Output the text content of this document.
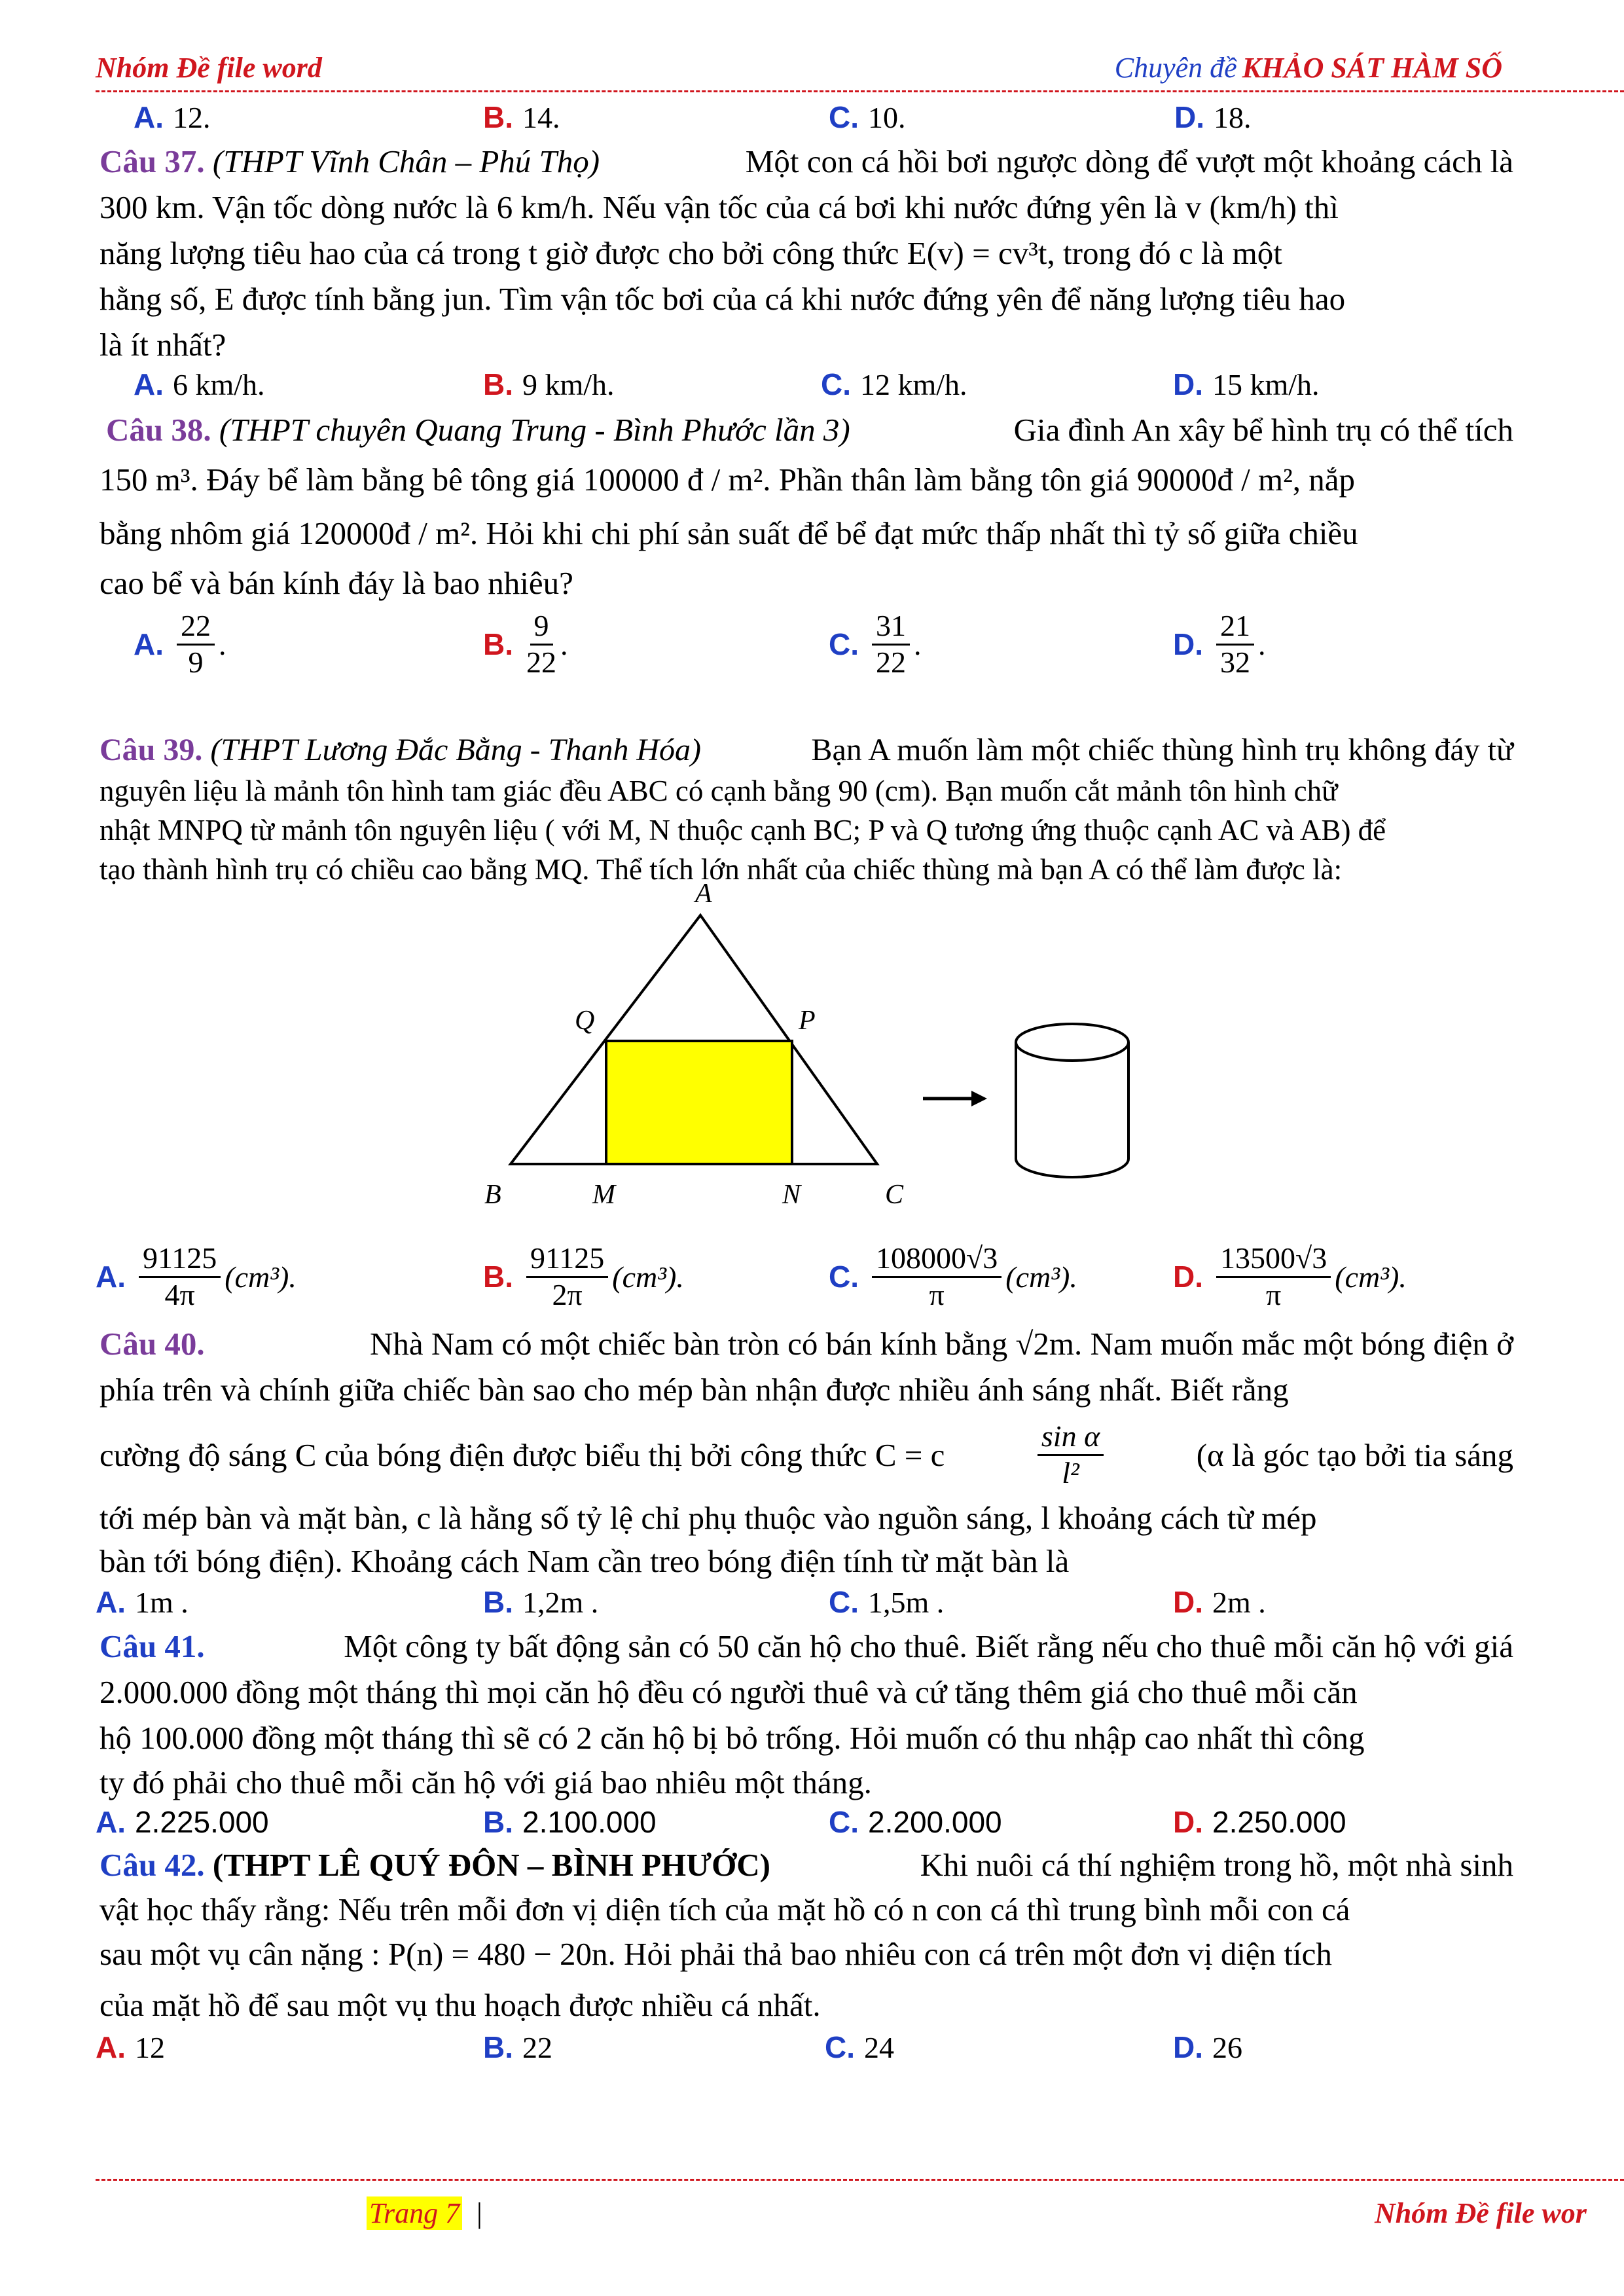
Nhóm Đề file word	Chuyên đề KHẢO SÁT HÀM SỐ
A. 12.	B. 14.	C. 10.	D. 18.
Câu 37. (THPT Vĩnh Chân – Phú Thọ)	Một con cá hồi bơi ngược dòng để vượt một khoảng cách là
300 km. Vận tốc dòng nước là 6 km/h. Nếu vận tốc của cá bơi khi nước đứng yên là v (km/h) thì
năng lượng tiêu hao của cá trong t giờ được cho bởi công thức E(v) = cv³t, trong đó c là một
hằng số, E được tính bằng jun. Tìm vận tốc bơi của cá khi nước đứng yên để năng lượng tiêu hao
là ít nhất?
A. 6 km/h.	B. 9 km/h.	C. 12 km/h.	D. 15 km/h.
Câu 38. (THPT chuyên Quang Trung - Bình Phước lần 3)	Gia đình An xây bể hình trụ có thể tích
150 m³. Đáy bể làm bằng bê tông giá 100000 đ / m². Phần thân làm bằng tôn giá 90000đ / m², nắp
bằng nhôm giá 120000đ / m². Hỏi khi chi phí sản suất để bể đạt mức thấp nhất thì tỷ số giữa chiều
cao bể và bán kính đáy là bao nhiêu?
A. $\frac{22}{9}$ .	B. $\frac{9}{22}$ .	C. $\frac{31}{22}$ .	D. $\frac{21}{32}$ .
Câu 39. (THPT Lương Đắc Bằng - Thanh Hóa)	Bạn A muốn làm một chiếc thùng hình trụ không đáy từ
nguyên liệu là mảnh tôn hình tam giác đều ABC có cạnh bằng 90 (cm). Bạn muốn cắt mảnh tôn hình chữ
nhật MNPQ từ mảnh tôn nguyên liệu ( với M, N thuộc cạnh BC; P và Q tương ứng thuộc cạnh AC và AB) để
tạo thành hình trụ có chiều cao bằng MQ. Thể tích lớn nhất của chiếc thùng mà bạn A có thể làm được là:
A
B	C
M	N
P
Q
A. $\frac{91125}{4\pi} (cm^3)$.	B. $\frac{91125}{2\pi} (cm^3)$.	C. $\frac{108000√3}{\pi} (cm^3)$.	D. $\frac{13500√3}{\pi} (cm^3)$.
Câu 40.	Nhà Nam có một chiếc bàn tròn có bán kính bằng √2m. Nam muốn mắc một bóng điện ở
phía trên và chính giữa chiếc bàn sao cho mép bàn nhận được nhiều ánh sáng nhất. Biết rằng
cường độ sáng C của bóng điện được biểu thị bởi công thức C = c	$\frac{\text{sin α}}{\text{l²}}$	(α là góc tạo bởi tia sáng
tới mép bàn và mặt bàn, c là hằng số tỷ lệ chỉ phụ thuộc vào nguồn sáng, l khoảng cách từ mép
bàn tới bóng điện). Khoảng cách Nam cần treo bóng điện tính từ mặt bàn là
A. 1m .	B. 1,2m .	C. 1,5m .	D. 2m .
Câu 41.	Một công ty bất động sản có 50 căn hộ cho thuê. Biết rằng nếu cho thuê mỗi căn hộ với giá
2.000.000 đồng một tháng thì mọi căn hộ đều có người thuê và cứ tăng thêm giá cho thuê mỗi căn
hộ 100.000 đồng một tháng thì sẽ có 2 căn hộ bị bỏ trống. Hỏi muốn có thu nhập cao nhất thì công
ty đó phải cho thuê mỗi căn hộ với giá bao nhiêu một tháng.
A. 2.225.000	B. 2.100.000	C. 2.200.000	D. 2.250.000
Câu 42. (THPT LÊ QUÝ ĐÔN – BÌNH PHƯỚC)	Khi nuôi cá thí nghiệm trong hồ, một nhà sinh
vật học thấy rằng: Nếu trên mỗi đơn vị diện tích của mặt hồ có n con cá thì trung bình mỗi con cá
sau một vụ cân nặng : P(n) = 480 − 20n. Hỏi phải thả bao nhiêu con cá trên một đơn vị diện tích
của mặt hồ để sau một vụ thu hoạch được nhiều cá nhất.
A. 12	B. 22	C. 24	D. 26
Trang 7 |	Nhóm Đề file wor
